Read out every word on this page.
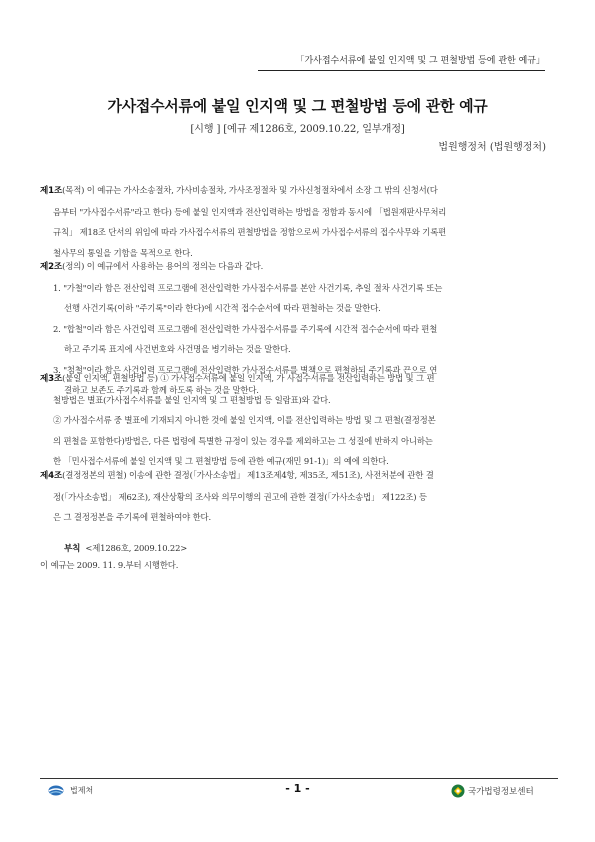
「가사접수서류에 붙일 인지액 및 그 편철방법 등에 관한 예규」
가사접수서류에 붙일 인지액 및 그 편철방법 등에 관한 예규
[시행 ] [예규 제1286호, 2009.10.22, 일부개정]
법원행정처 (법원행정처)

제1조(목적) 이 예규는 가사소송절차, 가사비송절차, 가사조정절차 및 가사신청절차에서 소장 그 밖의 신청서(다

음부터 "가사접수서류"라고 한다) 등에 붙일 인지액과 전산입력하는 방법을 정함과 동시에 「법원재판사무처리

규칙」 제18조 단서의 위임에 따라 가사접수서류의 편철방법을 정함으로써 가사접수서류의 접수사무와 기록편

철사무의 통일을 기함을 목적으로 한다.

제2조(정의) 이 예규에서 사용하는 용어의 정의는 다음과 같다.

1. "가철"이라 함은 전산입력 프로그램에 전산입력한 가사접수서류를 본안 사건기록, 추일 절차 사건기록 또는

선행 사건기록(이하 "주기록"이라 한다)에 시간적 접수순서에 따라 편철하는 것을 말한다.

2. "합철"이라 함은 사건입력 프로그램에 전산입력한 가사접수서류를 주기록에 시간적 접수순서에 따라 편철

하고 주기록 표지에 사건번호와 사건명을 병기하는 것을 말한다.

3. "첨철"이라 함은 사건입력 프로그램에 전산입력한 가사접수서류를 별책으로 편철하되 주기록과 끈으로 연

결하고 보존도 주기록과 함께 하도록 하는 것을 말한다.

제3조(붙일 인지액, 편철방법 등) ① 가사접수서류에 붙일 인지액, 가 사접수서류를 전산입력하는 방법 및 그 편

철방법은 별표(가사접수서류를 붙일 인지액 및 그 편철방법 등 일람표)와 같다.

② 가사접수서류 중 별표에 기재되지 아니한 것에 붙일 인지액, 이를 전산입력하는 방법 및 그 편철(결정정본

의 편철을 포함한다)방법은, 다른 법령에 특별한 규정이 있는 경우를 제외하고는 그 성질에 반하지 아니하는

한 「민사접수서류에 붙일 인지액 및 그 편철방법 등에 관한 예규(재민 91-1)」의 예에 의한다.

제4조(결정정본의 편철) 이송에 관한 결정(「가사소송법」 제13조제4항, 제35조, 제51조), 사전처분에 관한 결

정(「가사소송법」 제62조), 재산상황의 조사와 의무이행의 권고에 관한 결정(「가사소송법」 제122조) 등

은 그 결정정본을 주기록에 편철하여야 한다.

부칙 <제1286호, 2009.10.22>

이 예규는 2009. 11. 9.부터 시행한다.

법제처	- 1 -	국가법령정보센터
